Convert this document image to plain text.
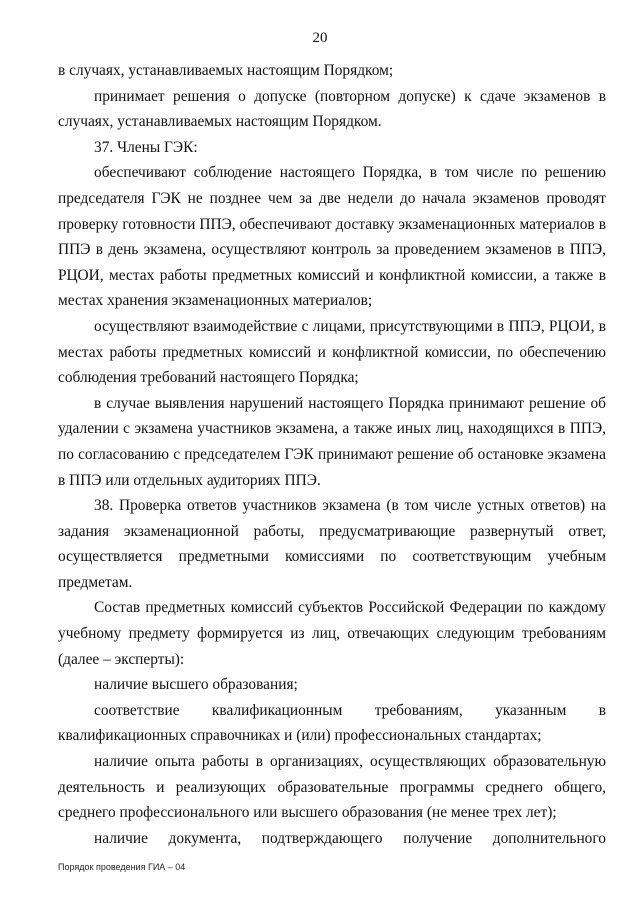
20

в случаях, устанавливаемых настоящим Порядком;

принимает решения о допуске (повторном допуске) к сдаче экзаменов в случаях, устанавливаемых настоящим Порядком.

37. Члены ГЭК:

обеспечивают соблюдение настоящего Порядка, в том числе по решению председателя ГЭК не позднее чем за две недели до начала экзаменов проводят проверку готовности ППЭ, обеспечивают доставку экзаменационных материалов в ППЭ в день экзамена, осуществляют контроль за проведением экзаменов в ППЭ, РЦОИ, местах работы предметных комиссий и конфликтной комиссии, а также в местах хранения экзаменационных материалов;

осуществляют взаимодействие с лицами, присутствующими в ППЭ, РЦОИ, в местах работы предметных комиссий и конфликтной комиссии, по обеспечению соблюдения требований настоящего Порядка;

в случае выявления нарушений настоящего Порядка принимают решение об удалении с экзамена участников экзамена, а также иных лиц, находящихся в ППЭ, по согласованию с председателем ГЭК принимают решение об остановке экзамена в ППЭ или отдельных аудиториях ППЭ.

38. Проверка ответов участников экзамена (в том числе устных ответов) на задания экзаменационной работы, предусматривающие развернутый ответ, осуществляется предметными комиссиями по соответствующим учебным предметам.

Состав предметных комиссий субъектов Российской Федерации по каждому учебному предмету формируется из лиц, отвечающих следующим требованиям (далее – эксперты):

наличие высшего образования;

соответствие квалификационным требованиям, указанным в квалификационных справочниках и (или) профессиональных стандартах;

наличие опыта работы в организациях, осуществляющих образовательную деятельность и реализующих образовательные программы среднего общего, среднего профессионального или высшего образования (не менее трех лет);

наличие документа, подтверждающего получение дополнительного

Порядок проведения ГИА – 04
